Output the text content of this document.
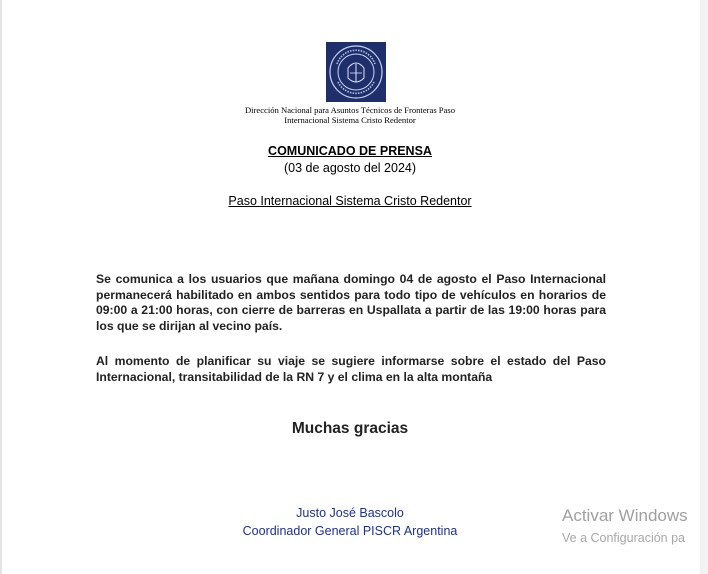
Dirección Nacional para Asuntos Técnicos de Fronteras Paso
Internacional Sistema Cristo Redentor
COMUNICADO DE PRENSA
(03 de agosto del 2024)
Paso Internacional Sistema Cristo Redentor
Se comunica a los usuarios que mañana domingo 04 de agosto el Paso Internacional permanecerá habilitado en ambos sentidos para todo tipo de vehículos en horarios de 09:00 a 21:00 horas, con cierre de barreras en Uspallata a partir de las 19:00 horas para los que se dirijan al vecino país.
Al momento de planificar su viaje se sugiere informarse sobre el estado del Paso Internacional, transitabilidad de la RN 7 y el clima en la alta montaña
Muchas gracias
Justo José Bascolo
Coordinador General PISCR Argentina
Activar Windows
Ve a Configuración pa
